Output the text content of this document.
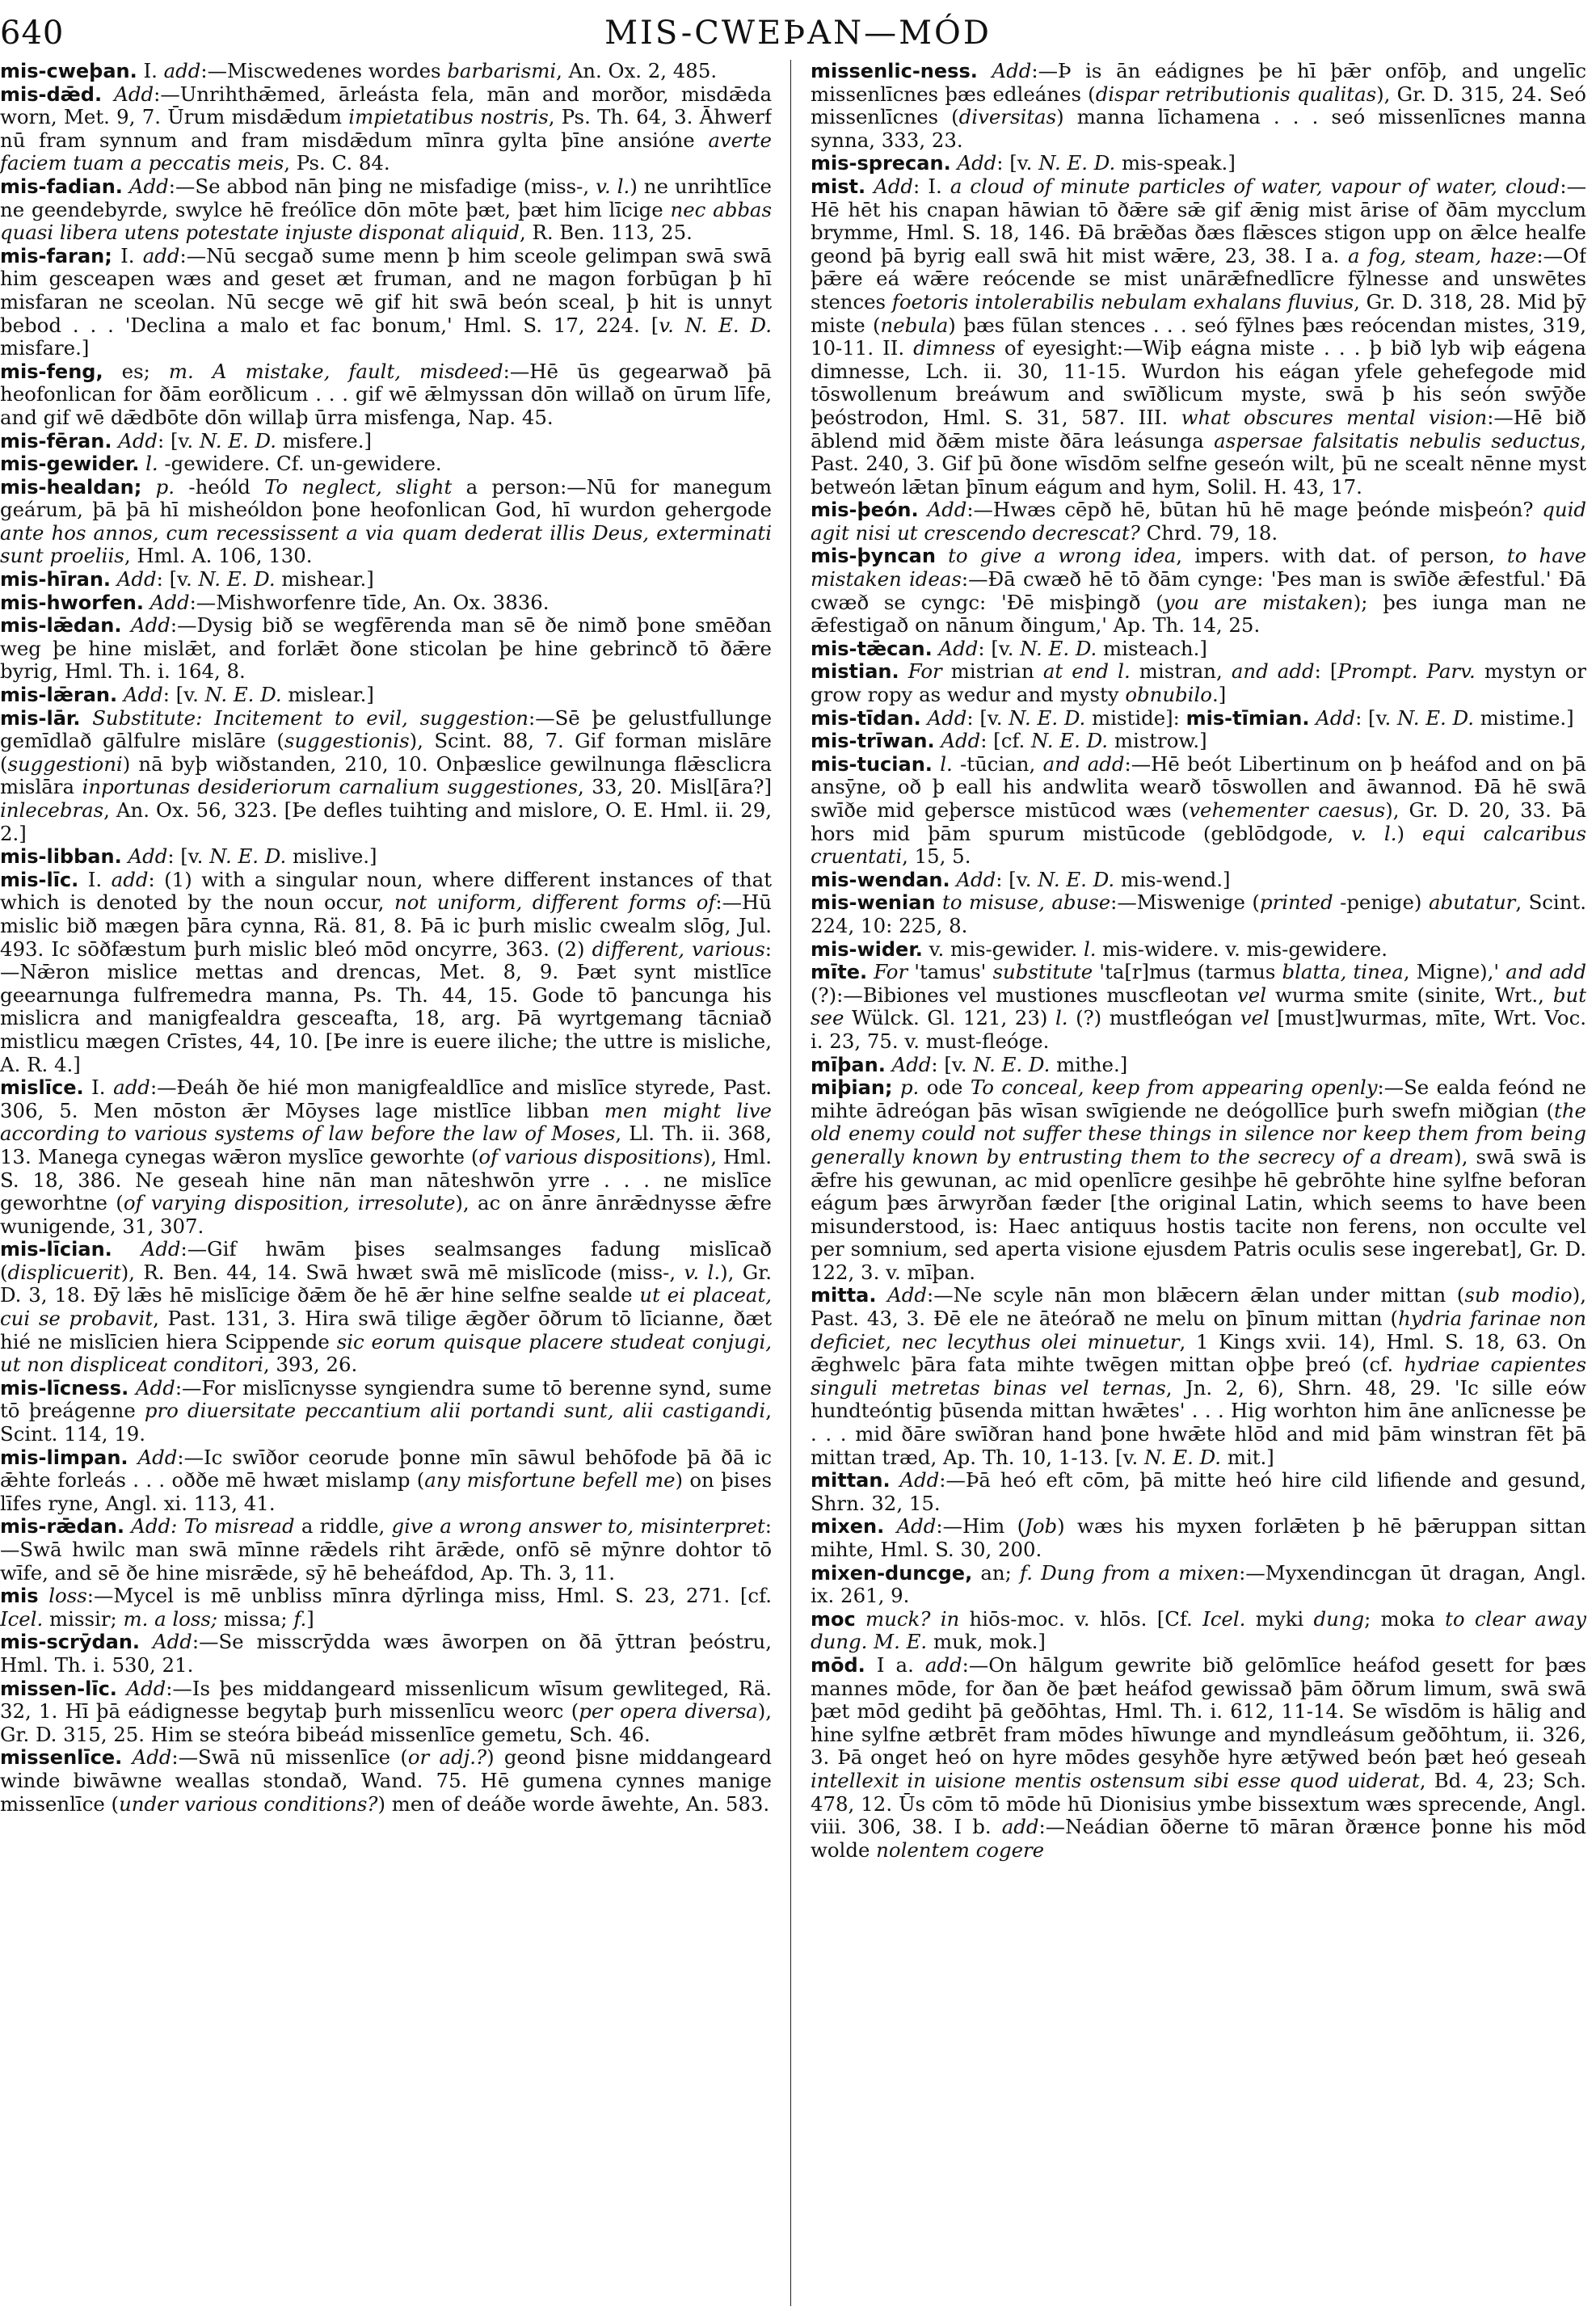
640	MIS-CWEÞAN—MÓD

mis-cweþan. I. add:—Miscwedenes wordes barbarismi, An. Ox. 2, 485.

mis-dǣd. Add:—Unrihthǣmed, ārleásta fela, mān and morðor, misdǣda worn, Met. 9, 7. Ūrum misdǣdum impietatibus nostris, Ps. Th. 64, 3. Āhwerf nū fram synnum and fram misdǣdum mīnra gylta þīne ansióne averte faciem tuam a peccatis meis, Ps. C. 84.

mis-fadian. Add:—Se abbod nān þing ne misfadige (miss-, v. l.) ne unrihtlīce ne geendebyrde, swylce hē freólīce dōn mōte þæt, þæt him līcige nec abbas quasi libera utens potestate injuste disponat aliquid, R. Ben. 113, 25.

mis-faran; I. add:—Nū secgað sume menn þ him sceole gelimpan swā swā him gesceapen wæs and geset æt fruman, and ne magon forbūgan þ hī misfaran ne sceolan. Nū secge wē gif hit swā beón sceal, þ hit is unnyt bebod . . . 'Declina a malo et fac bonum,' Hml. S. 17, 224. [v. N. E. D. misfare.]

mis-feng, es; m. A mistake, fault, misdeed:—Hē ūs gegearwað þā heofonlican for ðām eorðlicum . . . gif wē ǣlmyssan dōn willað on ūrum līfe, and gif wē dǣdbōte dōn willaþ ūrra misfenga, Nap. 45.

mis-fēran. Add: [v. N. E. D. misfere.]

mis-gewider. l. -gewidere. Cf. un-gewidere.

mis-healdan; p. -heóld To neglect, slight a person:—Nū for manegum geárum, þā þā hī misheóldon þone heofonlican God, hī wurdon gehergode ante hos annos, cum recessissent a via quam dederat illis Deus, exterminati sunt proeliis, Hml. A. 106, 130.

mis-hīran. Add: [v. N. E. D. mishear.]

mis-hworfen. Add:—Mishworfenre tīde, An. Ox. 3836.

mis-lǣdan. Add:—Dysig bið se wegfērenda man sē ðe nimð þone smēðan weg þe hine mislǣt, and forlǣt ðone sticolan þe hine gebrincð tō ðǣre byrig, Hml. Th. i. 164, 8.

mis-lǣran. Add: [v. N. E. D. mislear.]

mis-lār. Substitute: Incitement to evil, suggestion:—Sē þe gelustfullunge gemīdlað gālfulre mislāre (suggestionis), Scint. 88, 7. Gif forman mislāre (suggestioni) nā byþ wiðstanden, 210, 10. Onþæslice gewilnunga flǣsclicra mislāra inportunas desideriorum carnalium suggestiones, 33, 20. Misl[āra?] inlecebras, An. Ox. 56, 323. [Þe defles tuihting and mislore, O. E. Hml. ii. 29, 2.]

mis-libban. Add: [v. N. E. D. mislive.]

mis-līc. I. add: (1) with a singular noun, where different instances of that which is denoted by the noun occur, not uniform, different forms of:—Hū mislic bið mægen þāra cynna, Rä. 81, 8. Þā ic þurh mislic cwealm slōg, Jul. 493. Ic sōðfæstum þurh mislic bleó mōd oncyrre, 363. (2) different, various:—Nǣron mislice mettas and drencas, Met. 8, 9. Þæt synt mistlīce geearnunga fulfremedra manna, Ps. Th. 44, 15. Gode tō þancunga his mislicra and manigfealdra gesceafta, 18, arg. Þā wyrtgemang tācniað mistlicu mægen Crīstes, 44, 10. [Þe inre is euere iliche; the uttre is misliche, A. R. 4.]

mislīce. I. add:—Ðeáh ðe hié mon manigfealdlīce and mislīce styrede, Past. 306, 5. Men mōston ǣr Mōyses lage mistlīce libban men might live according to various systems of law before the law of Moses, Ll. Th. ii. 368, 13. Manega cynegas wǣron myslīce geworhte (of various dispositions), Hml. S. 18, 386. Ne geseah hine nān man nāteshwōn yrre . . . ne mislīce geworhtne (of varying disposition, irresolute), ac on ānre ānrǣdnysse ǣfre wunigende, 31, 307.

mis-līcian. Add:—Gif hwām þises sealmsanges fadung mislīcað (displicuerit), R. Ben. 44, 14. Swā hwæt swā mē mislīcode (miss-, v. l.), Gr. D. 3, 18. Ðȳ lǣs hē mislīcige ðǣm ðe hē ǣr hine selfne sealde ut ei placeat, cui se probavit, Past. 131, 3. Hira swā tilige ǣgðer ōðrum tō līcianne, ðæt hié ne mislīcien hiera Scippende sic eorum quisque placere studeat conjugi, ut non displiceat conditori, 393, 26.

mis-līcness. Add:—For mislīcnysse syngiendra sume tō berenne synd, sume tō þreágenne pro diuersitate peccantium alii portandi sunt, alii castigandi, Scint. 114, 19.

mis-limpan. Add:—Ic swīðor ceorude þonne mīn sāwul behōfode þā ðā ic ǣhte forleás . . . oððe mē hwæt mislamp (any misfortune befell me) on þises līfes ryne, Angl. xi. 113, 41.

mis-rǣdan. Add: To misread a riddle, give a wrong answer to, misinterpret:—Swā hwilc man swā mīnne rǣdels riht ārǣde, onfō sē mȳnre dohtor tō wīfe, and sē ðe hine misrǣde, sȳ hē beheáfdod, Ap. Th. 3, 11.

mis loss:—Mycel is mē unbliss mīnra dȳrlinga miss, Hml. S. 23, 271. [cf. Icel. missir; m. a loss; missa; f.]

mis-scrȳdan. Add:—Se misscrȳdda wæs āworpen on ðā ȳttran þeóstru, Hml. Th. i. 530, 21.

missen-līc. Add:—Is þes middangeard missenlicum wīsum gewliteged, Rä. 32, 1. Hī þā eádignesse begytaþ þurh missenlīcu weorc (per opera diversa), Gr. D. 315, 25. Him se steóra bibeád missenlīce gemetu, Sch. 46.

missenlīce. Add:—Swā nū missenlīce (or adj.?) geond þisne middangeard winde biwāwne weallas stondað, Wand. 75. Hē gumena cynnes manige missenlīce (under various conditions?) men of deáðe worde āwehte, An. 583.

missenlic-ness. Add:—Þ is ān eádignes þe hī þǣr onfōþ, and ungelīc missenlīcnes þæs edleánes (dispar retributionis qualitas), Gr. D. 315, 24. Seó missenlīcnes (diversitas) manna līchamena . . . seó missenlīcnes manna synna, 333, 23.

mis-sprecan. Add: [v. N. E. D. mis-speak.]

mist. Add: I. a cloud of minute particles of water, vapour of water, cloud:—Hē hēt his cnapan hāwian tō ðǣre sǣ gif ǣnig mist ārise of ðām mycclum brymme, Hml. S. 18, 146. Ðā brǣðas ðæs flǣsces stigon upp on ǣlce healfe geond þā byrig eall swā hit mist wǣre, 23, 38. I a. a fog, steam, haze:—Of þǣre eá wǣre reócende se mist unārǣfnedlīcre fȳlnesse and unswētes stences foetoris intolerabilis nebulam exhalans fluvius, Gr. D. 318, 28. Mid þȳ miste (nebula) þæs fūlan stences . . . seó fȳlnes þæs reócendan mistes, 319, 10-11. II. dimness of eyesight:—Wiþ eágna miste . . . þ bið lyb wiþ eágena dimnesse, Lch. ii. 30, 11-15. Wurdon his eágan yfele gehefegode mid tōswollenum breáwum and swīðlicum myste, swā þ his seón swȳðe þeóstrodon, Hml. S. 31, 587. III. what obscures mental vision:—Hē bið āblend mid ðǣm miste ðāra leásunga aspersae falsitatis nebulis seductus, Past. 240, 3. Gif þū ðone wīsdōm selfne geseón wilt, þū ne scealt nēnne myst betweón lǣtan þīnum eágum and hym, Solil. H. 43, 17.

mis-þeón. Add:—Hwæs cēpð hē, būtan hū hē mage þeónde misþeón? quid agit nisi ut crescendo decrescat? Chrd. 79, 18.

mis-þyncan to give a wrong idea, impers. with dat. of person, to have mistaken ideas:—Ðā cwæð hē tō ðām cynge: 'Þes man is swīðe ǣfestful.' Ðā cwæð se cyngc: 'Ðē misþingð (you are mistaken); þes iunga man ne ǣfestigað on nānum ðingum,' Ap. Th. 14, 25.

mis-tǣcan. Add: [v. N. E. D. misteach.]

mistian. For mistrian at end l. mistran, and add: [Prompt. Parv. mystyn or grow ropy as wedur and mysty obnubilo.]

mis-tīdan. Add: [v. N. E. D. mistide]: mis-tīmian. Add: [v. N. E. D. mistime.]

mis-trīwan. Add: [cf. N. E. D. mistrow.]

mis-tucian. l. -tūcian, and add:—Hē beót Libertinum on þ heáfod and on þā ansȳne, oð þ eall his andwlita wearð tōswollen and āwannod. Ðā hē swā swīðe mid geþerscе mistūcod wæs (vehementer caesus), Gr. D. 20, 33. Þā hors mid þām spurum mistūcode (geblōdgode, v. l.) equi calcaribus cruentati, 15, 5.

mis-wendan. Add: [v. N. E. D. mis-wend.]

mis-wenian to misuse, abuse:—Miswenige (printed -penige) abutatur, Scint. 224, 10: 225, 8.

mis-wider. v. mis-gewider. l. mis-widere. v. mis-gewidere.

mīte. For 'tamus' substitute 'ta[r]mus (tarmus blatta, tinea, Migne),' and add (?):—Bibiones vel mustiones muscfleotan vel wurma smite (sinite, Wrt., but see Wülck. Gl. 121, 23) l. (?) mustfleógan vel [must]wurmas, mīte, Wrt. Voc. i. 23, 75. v. must-fleóge.

mīþan. Add: [v. N. E. D. mithe.]

miþian; p. ode To conceal, keep from appearing openly:—Se ealda feónd ne mihte ādreógan þās wīsan swīgiende ne deógollīce þurh swefn miðgian (the old enemy could not suffer these things in silence nor keep them from being generally known by entrusting them to the secrecy of a dream), swā swā is ǣfre his gewunan, ac mid openlīcre gesihþe hē gebrōhte hine sylfne beforan eágum þæs ārwyrðan fæder [the original Latin, which seems to have been misunderstood, is: Haec antiquus hostis tacite non ferens, non occulte vel per somnium, sed aperta visione ejusdem Patris oculis sese ingerebat], Gr. D. 122, 3. v. mīþan.

mitta. Add:—Ne scyle nān mon blǣcern ǣlan under mittan (sub modio), Past. 43, 3. Ðē ele ne āteórað ne melu on þīnum mittan (hydria farinae non deficiet, nec lecythus olei minuetur, 1 Kings xvii. 14), Hml. S. 18, 63. On ǣghwelc þāra fata mihte twēgen mittan oþþe þreó (cf. hydriae capientes singuli metretas binas vel ternas, Jn. 2, 6), Shrn. 48, 29. 'Ic sille eów hundteóntig þūsenda mittan hwǣtes' . . . Hig worhton him āne anlīcnesse þe . . . mid ðāre swīðran hand þone hwǣte hlōd and mid þām winstran fēt þā mittan træd, Ap. Th. 10, 1-13. [v. N. E. D. mit.]

mittan. Add:—Þā heó eft cōm, þā mitte heó hire cild lifiende and gesund, Shrn. 32, 15.

mixen. Add:—Him (Job) wæs his myxen forlǣten þ hē þǣruppan sittan mihte, Hml. S. 30, 200.

mixen-duncge, an; f. Dung from a mixen:—Myxendincgan ūt dragan, Angl. ix. 261, 9.

moc muck? in hiōs-moc. v. hlōs. [Cf. Icel. myki dung; moka to clear away dung. M. E. muk, mok.]

mōd. I a. add:—On hālgum gewrite bið gelōmlīce heáfod gesett for þæs mannes mōde, for ðan ðe þæt heáfod gewissað þām ōðrum limum, swā swā þæt mōd gediht þā geðōhtas, Hml. Th. i. 612, 11-14. Se wīsdōm is hālig and hine sylfne ætbrēt fram mōdes hīwunge and myndleásum geðōhtum, ii. 326, 3. Þā onget heó on hyre mōdes gesyhðe hyre ætȳwed beón þæt heó geseah intellexit in uisione mentis ostensum sibi esse quod uiderat, Bd. 4, 23; Sch. 478, 12. Ūs cōm tō mōde hū Dionisius ymbe bissextum wæs sprecende, Angl. viii. 306, 38. I b. add:—Neádian ōðerne tō māran ðræнce þonne his mōd wolde nolentem cogere
